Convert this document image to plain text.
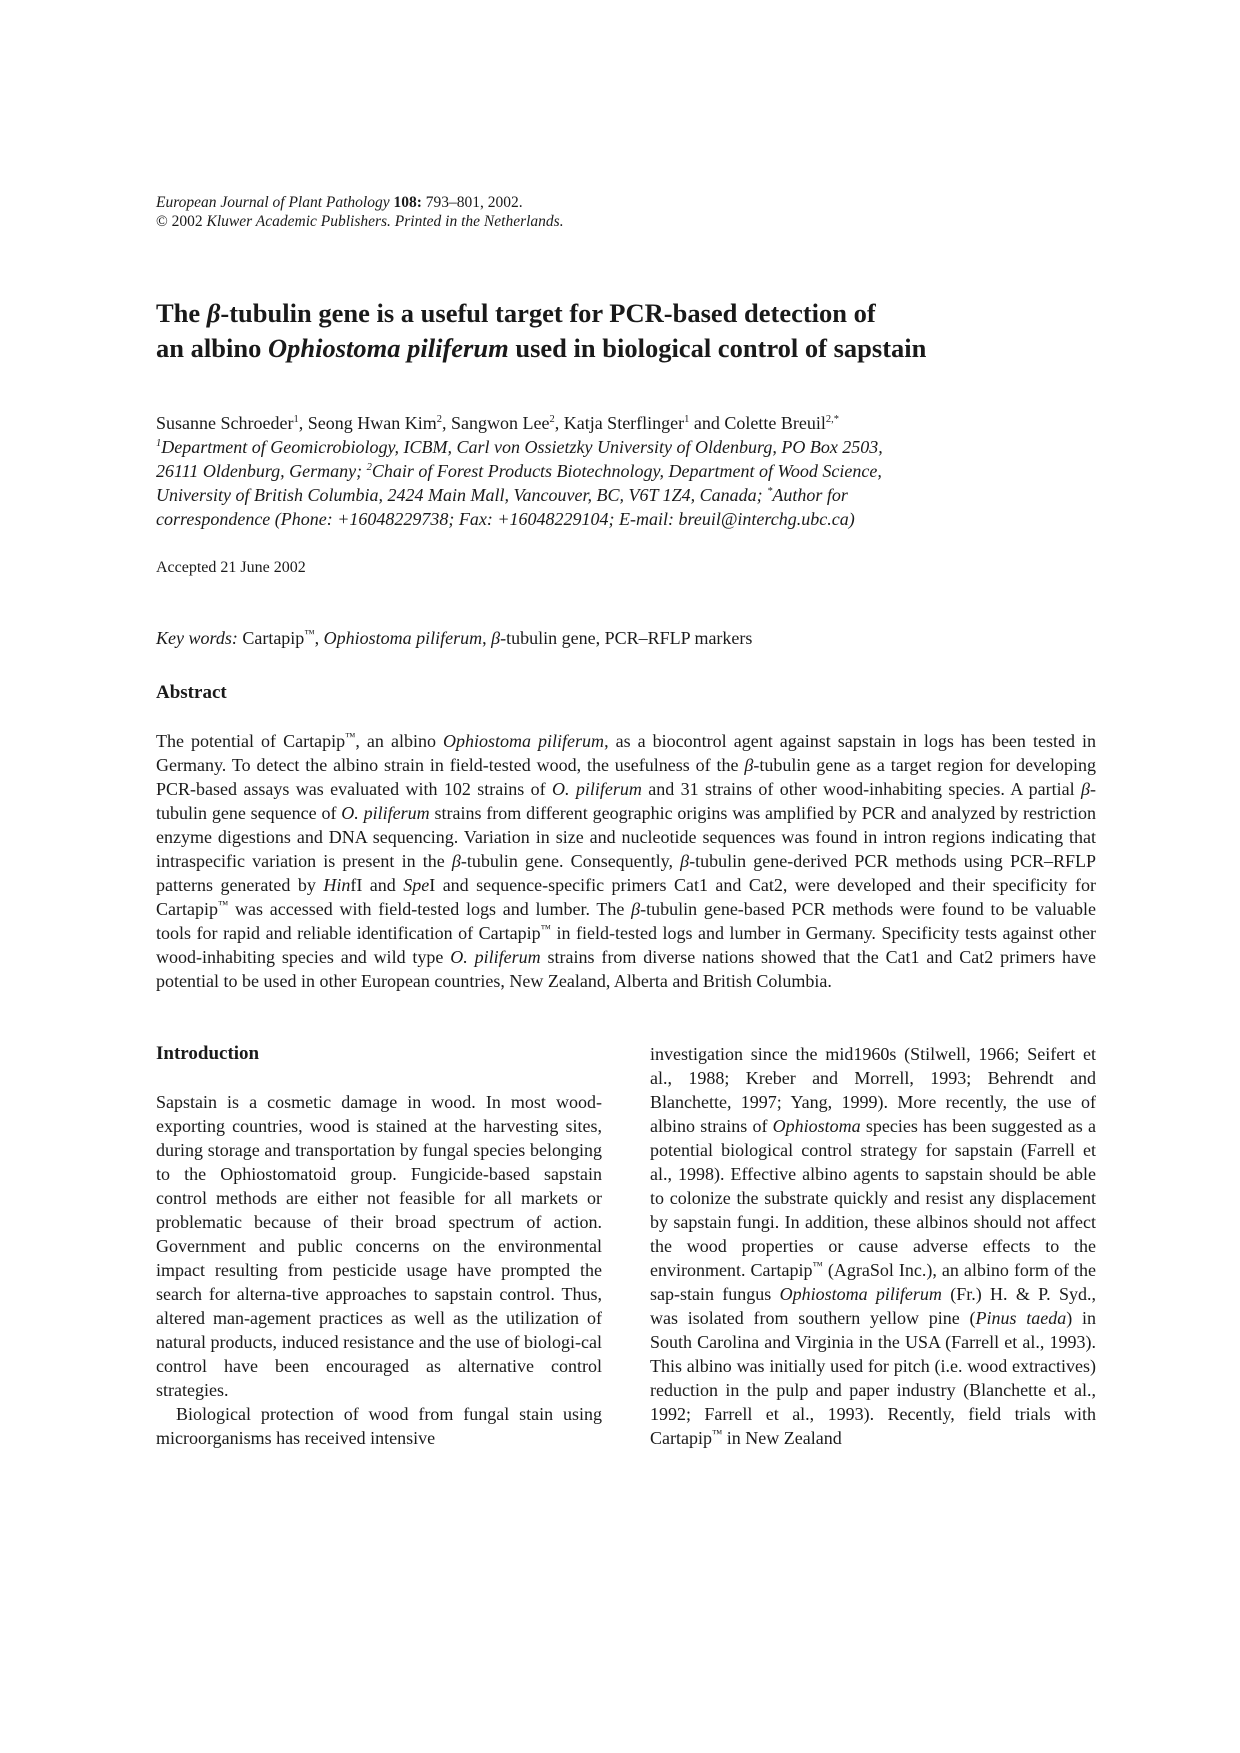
European Journal of Plant Pathology 108: 793–801, 2002.
© 2002 Kluwer Academic Publishers. Printed in the Netherlands.
The β-tubulin gene is a useful target for PCR-based detection of
an albino Ophiostoma piliferum used in biological control of sapstain
Susanne Schroeder$^1$, Seong Hwan Kim$^2$, Sangwon Lee$^2$, Katja Sterflinger$^1$ and Colette Breuil$^{2,*}$
$^1$Department of Geomicrobiology, ICBM, Carl von Ossietzky University of Oldenburg, PO Box 2503,
26111 Oldenburg, Germany; $^2$Chair of Forest Products Biotechnology, Department of Wood Science,
University of British Columbia, 2424 Main Mall, Vancouver, BC, V6T 1Z4, Canada; *Author for
correspondence (Phone: +16048229738; Fax: +16048229104; E-mail: breuil@interchg.ubc.ca)
Accepted 21 June 2002
Key words: Cartapip™, Ophiostoma piliferum, β-tubulin gene, PCR–RFLP markers
Abstract
The potential of Cartapip™, an albino Ophiostoma piliferum, as a biocontrol agent against sapstain in logs has been tested in Germany. To detect the albino strain in field-tested wood, the usefulness of the β-tubulin gene as a target region for developing PCR-based assays was evaluated with 102 strains of O. piliferum and 31 strains of other wood-inhabiting species. A partial β-tubulin gene sequence of O. piliferum strains from different geographic origins was amplified by PCR and analyzed by restriction enzyme digestions and DNA sequencing. Variation in size and nucleotide sequences was found in intron regions indicating that intraspecific variation is present in the β-tubulin gene. Consequently, β-tubulin gene-derived PCR methods using PCR–RFLP patterns generated by HinfI and SpeI and sequence-specific primers Cat1 and Cat2, were developed and their specificity for Cartapip™ was accessed with field-tested logs and lumber. The β-tubulin gene-based PCR methods were found to be valuable tools for rapid and reliable identification of Cartapip™ in field-tested logs and lumber in Germany. Specificity tests against other wood-inhabiting species and wild type O. piliferum strains from diverse nations showed that the Cat1 and Cat2 primers have potential to be used in other European countries, New Zealand, Alberta and British Columbia.
Introduction

Sapstain is a cosmetic damage in wood. In most wood-exporting countries, wood is stained at the harvesting sites, during storage and transportation by fungal species belonging to the Ophiostomatoid group. Fungicide-based sapstain control methods are either not feasible for all markets or problematic because of their broad spectrum of action. Government and public concerns on the environmental impact resulting from pesticide usage have prompted the search for alterna-tive approaches to sapstain control. Thus, altered man-agement practices as well as the utilization of natural products, induced resistance and the use of biologi-cal control have been encouraged as alternative control strategies.

Biological protection of wood from fungal stain using microorganisms has received intensive

investigation since the mid1960s (Stilwell, 1966; Seifert et al., 1988; Kreber and Morrell, 1993; Behrendt and Blanchette, 1997; Yang, 1999). More recently, the use of albino strains of Ophiostoma species has been suggested as a potential biological control strategy for sapstain (Farrell et al., 1998). Effective albino agents to sapstain should be able to colonize the substrate quickly and resist any displacement by sapstain fungi. In addition, these albinos should not affect the wood properties or cause adverse effects to the environment. Cartapip™ (AgraSol Inc.), an albino form of the sap-stain fungus Ophiostoma piliferum (Fr.) H. & P. Syd., was isolated from southern yellow pine (Pinus taeda) in South Carolina and Virginia in the USA (Farrell et al., 1993). This albino was initially used for pitch (i.e. wood extractives) reduction in the pulp and paper industry (Blanchette et al., 1992; Farrell et al., 1993). Recently, field trials with Cartapip™ in New Zealand
